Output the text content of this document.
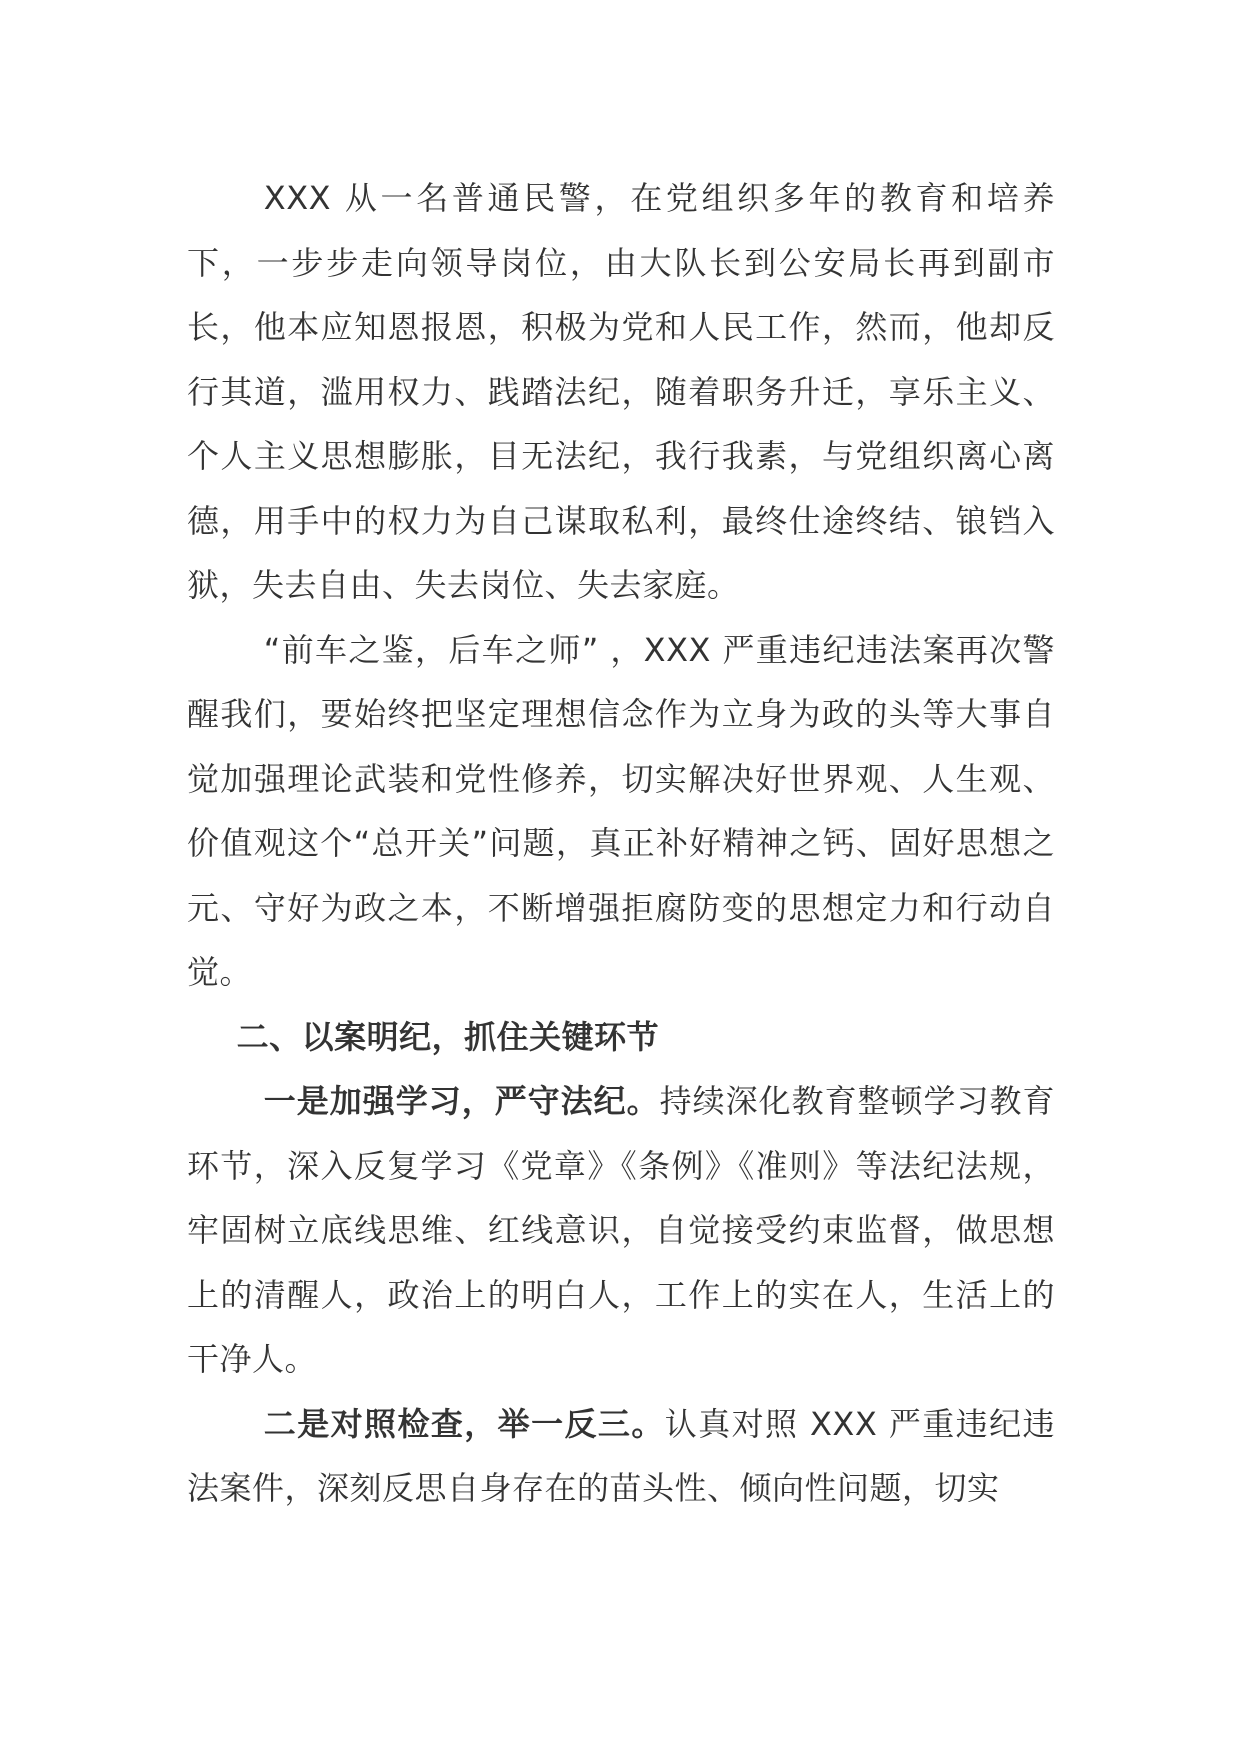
XXX 从一名普通民警，在党组织多年的教育和培养下，一步步走向领导岗位，由大队长到公安局长再到副市长，他本应知恩报恩，积极为党和人民工作，然而，他却反行其道，滥用权力、践踏法纪，随着职务升迁，享乐主义、个人主义思想膨胀，目无法纪，我行我素，与党组织离心离德，用手中的权力为自己谋取私利，最终仕途终结、锒铛入狱，失去自由、失去岗位、失去家庭。

“前车之鉴，后车之师” ，XXX 严重违纪违法案再次警醒我们，要始终把坚定理想信念作为立身为政的头等大事自觉加强理论武装和党性修养，切实解决好世界观、人生观、价值观这个“总开关”问题，真正补好精神之钙、固好思想之元、守好为政之本，不断增强拒腐防变的思想定力和行动自觉。

二、以案明纪，抓住关键环节

一是加强学习，严守法纪。持续深化教育整顿学习教育环节，深入反复学习《党章》《条例》《准则》等法纪法规，牢固树立底线思维、红线意识，自觉接受约束监督，做思想上的清醒人，政治上的明白人，工作上的实在人，生活上的干净人。

二是对照检查，举一反三。认真对照 XXX 严重违纪违法案件，深刻反思自身存在的苗头性、倾向性问题，切实
